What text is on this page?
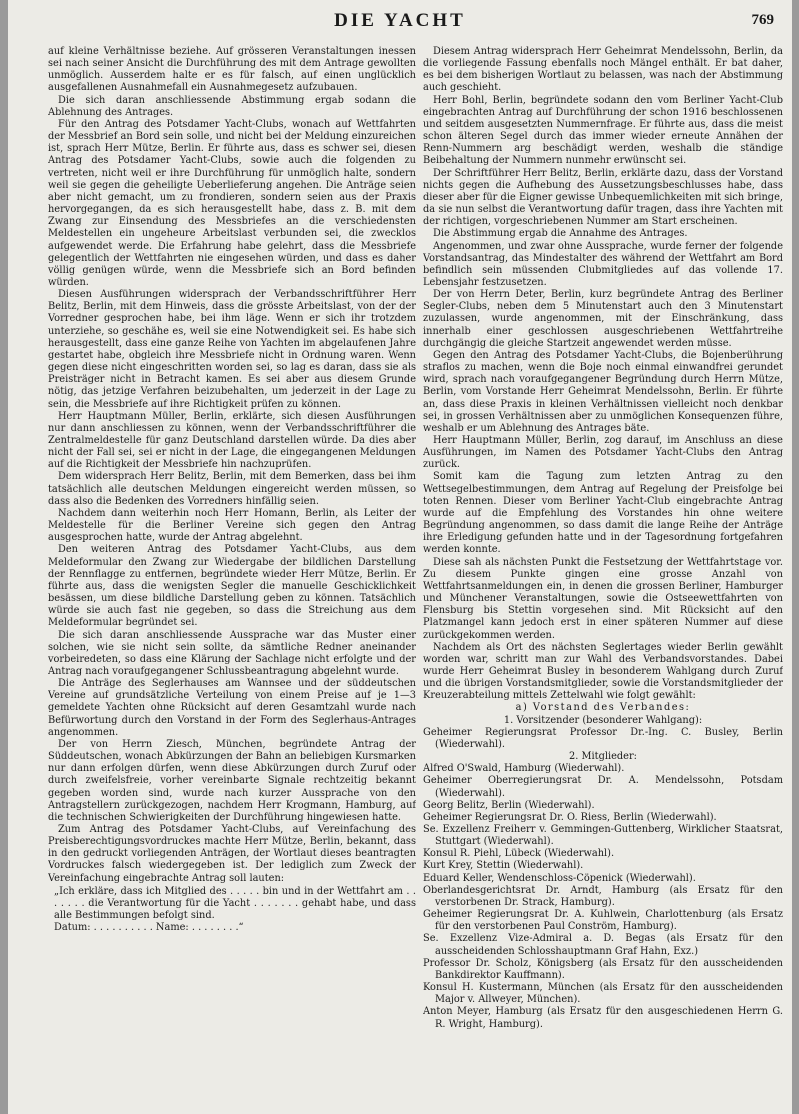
DIE YACHT	769

auf kleine Verhältnisse beziehe. Auf grösseren Veranstaltungen inessen sei nach seiner Ansicht die Durchführung des mit dem Antrage gewollten unmöglich. Ausserdem halte er es für falsch, auf einen unglücklich ausgefallenen Ausnahmefall ein Ausnahmegesetz aufzubauen.

Die sich daran anschliessende Abstimmung ergab sodann die Ablehnung des Antrages.

Für den Antrag des Potsdamer Yacht-Clubs, wonach auf Wettfahrten der Messbrief an Bord sein solle, und nicht bei der Meldung einzureichen ist, sprach Herr Mütze, Berlin. Er führte aus, dass es schwer sei, diesen Antrag des Potsdamer Yacht-Clubs, sowie auch die folgenden zu vertreten, nicht weil er ihre Durchführung für unmöglich halte, sondern weil sie gegen die geheiligte Ueberlieferung angehen. Die Anträge seien aber nicht gemacht, um zu frondieren, sondern seien aus der Praxis hervorgegangen, da es sich herausgestellt habe, dass z. B. mit dem Zwang zur Einsendung des Messbriefes an die verschiedensten Meldestellen ein ungeheure Arbeitslast verbunden sei, die zwecklos aufgewendet werde. Die Erfahrung habe gelehrt, dass die Messbriefe gelegentlich der Wettfahrten nie eingesehen würden, und dass es daher völlig genügen würde, wenn die Messbriefe sich an Bord befinden würden.

Diesen Ausführungen widersprach der Verbandsschriftführer Herr Belitz, Berlin, mit dem Hinweis, dass die grösste Arbeitslast, von der der Vorredner gesprochen habe, bei ihm läge. Wenn er sich ihr trotzdem unterziehe, so geschähe es, weil sie eine Notwendigkeit sei. Es habe sich herausgestellt, dass eine ganze Reihe von Yachten im abgelaufenen Jahre gestartet habe, obgleich ihre Messbriefe nicht in Ordnung waren. Wenn gegen diese nicht eingeschritten worden sei, so lag es daran, dass sie als Preisträger nicht in Betracht kamen. Es sei aber aus diesem Grunde nötig, das jetzige Verfahren beizubehalten, um jederzeit in der Lage zu sein, die Messbriefe auf ihre Richtigkeit prüfen zu können.

Herr Hauptmann Müller, Berlin, erklärte, sich diesen Ausführungen nur dann anschliessen zu können, wenn der Verbandsschriftführer die Zentralmeldestelle für ganz Deutschland darstellen würde. Da dies aber nicht der Fall sei, sei er nicht in der Lage, die eingegangenen Meldungen auf die Richtigkeit der Messbriefe hin nachzuprüfen.

Dem widersprach Herr Belitz, Berlin, mit dem Bemerken, dass bei ihm tatsächlich alle deutschen Meldungen eingereicht werden müssen, so dass also die Bedenken des Vorredners hinfällig seien.

Nachdem dann weiterhin noch Herr Homann, Berlin, als Leiter der Meldestelle für die Berliner Vereine sich gegen den Antrag ausgesprochen hatte, wurde der Antrag abgelehnt.

Den weiteren Antrag des Potsdamer Yacht-Clubs, aus dem Meldeformular den Zwang zur Wiedergabe der bildlichen Darstellung der Rennflagge zu entfernen, begründete wieder Herr Mütze, Berlin. Er führte aus, dass die wenigsten Segler die manuelle Geschicklichkeit besässen, um diese bildliche Darstellung geben zu können. Tatsächlich würde sie auch fast nie gegeben, so dass die Streichung aus dem Meldeformular begründet sei.

Die sich daran anschliessende Aussprache war das Muster einer solchen, wie sie nicht sein sollte, da sämtliche Redner aneinander vorbeiredeten, so dass eine Klärung der Sachlage nicht erfolgte und der Antrag nach voraufgegangener Schlussbeantragung abgelehnt wurde.

Die Anträge des Seglerhauses am Wannsee und der süddeutschen Vereine auf grundsätzliche Verteilung von einem Preise auf je 1—3 gemeldete Yachten ohne Rücksicht auf deren Gesamtzahl wurde nach Befürwortung durch den Vorstand in der Form des Seglerhaus-Antrages angenommen.

Der von Herrn Ziesch, München, begründete Antrag der Süddeutschen, wonach Abkürzungen der Bahn an beliebigen Kursmarken nur dann erfolgen dürfen, wenn diese Abkürzungen durch Zuruf oder durch zweifelsfreie, vorher vereinbarte Signale rechtzeitig bekannt gegeben worden sind, wurde nach kurzer Aussprache von den Antragstellern zurückgezogen, nachdem Herr Krogmann, Hamburg, auf die technischen Schwierigkeiten der Durchführung hingewiesen hatte.

Zum Antrag des Potsdamer Yacht-Clubs, auf Vereinfachung des Preisberechtigungsvordruckes machte Herr Mütze, Berlin, bekannt, dass in den gedruckt vorliegenden Anträgen, der Wortlaut dieses beantragten Vordruckes falsch wiedergegeben ist. Der lediglich zum Zweck der Vereinfachung eingebrachte Antrag soll lauten:

„Ich erkläre, dass ich Mitglied des . . . . . bin und in der Wettfahrt am . . . . . . . die Verantwortung für die Yacht . . . . . . . gehabt habe, und dass alle Bestimmungen befolgt sind.

Datum: . . . . . . . . . . Name: . . . . . . . .“

Diesem Antrag widersprach Herr Geheimrat Mendelssohn, Berlin, da die vorliegende Fassung ebenfalls noch Mängel enthält. Er bat daher, es bei dem bisherigen Wortlaut zu belassen, was nach der Abstimmung auch geschieht.

Herr Bohl, Berlin, begründete sodann den vom Berliner Yacht-Club eingebrachten Antrag auf Durchführung der schon 1916 beschlossenen und seitdem ausgesetzten Nummernfrage. Er führte aus, dass die meist schon älteren Segel durch das immer wieder erneute Annähen der Renn-Nummern arg beschädigt werden, weshalb die ständige Beibehaltung der Nummern nunmehr erwünscht sei.

Der Schriftführer Herr Belitz, Berlin, erklärte dazu, dass der Vorstand nichts gegen die Aufhebung des Aussetzungsbeschlusses habe, dass dieser aber für die Eigner gewisse Unbequemlichkeiten mit sich bringe, da sie nun selbst die Verantwortung dafür tragen, dass ihre Yachten mit der richtigen, vorgeschriebenen Nummer am Start erscheinen.

Die Abstimmung ergab die Annahme des Antrages.

Angenommen, und zwar ohne Aussprache, wurde ferner der folgende Vorstandsantrag, das Mindestalter des während der Wettfahrt am Bord befindlich sein müssenden Clubmitgliedes auf das vollende 17. Lebensjahr festzusetzen.

Der von Herrn Deter, Berlin, kurz begründete Antrag des Berliner Segler-Clubs, neben dem 5 Minutenstart auch den 3 Minutenstart zuzulassen, wurde angenommen, mit der Einschränkung, dass innerhalb einer geschlossen ausgeschriebenen Wettfahrtreihe durchgängig die gleiche Startzeit angewendet werden müsse.

Gegen den Antrag des Potsdamer Yacht-Clubs, die Bojenberührung straflos zu machen, wenn die Boje noch einmal einwandfrei gerundet wird, sprach nach voraufgegangener Begründung durch Herrn Mütze, Berlin, vom Vorstande Herr Geheimrat Mendelssohn, Berlin. Er führte an, dass diese Praxis in kleinen Verhältnissen vielleicht noch denkbar sei, in grossen Verhältnissen aber zu unmöglichen Konsequenzen führe, weshalb er um Ablehnung des Antrages bäte.

Herr Hauptmann Müller, Berlin, zog darauf, im Anschluss an diese Ausführungen, im Namen des Potsdamer Yacht-Clubs den Antrag zurück.

Somit kam die Tagung zum letzten Antrag zu den Wettsegelbestimmungen, dem Antrag auf Regelung der Preisfolge bei toten Rennen. Dieser vom Berliner Yacht-Club eingebrachte Antrag wurde auf die Empfehlung des Vorstandes hin ohne weitere Begründung angenommen, so dass damit die lange Reihe der Anträge ihre Erledigung gefunden hatte und in der Tagesordnung fortgefahren werden konnte.

Diese sah als nächsten Punkt die Festsetzung der Wettfahrtstage vor. Zu diesem Punkte gingen eine grosse Anzahl von Wettfahrtsanmeldungen ein, in denen die grossen Berliner, Hamburger und Münchener Veranstaltungen, sowie die Ostseewettfahrten von Flensburg bis Stettin vorgesehen sind. Mit Rücksicht auf den Platzmangel kann jedoch erst in einer späteren Nummer auf diese zurückgekommen werden.

Nachdem als Ort des nächsten Seglertages wieder Berlin gewählt worden war, schritt man zur Wahl des Verbandsvorstandes. Dabei wurde Herr Geheimrat Busley in besonderem Wahlgang durch Zuruf und die übrigen Vorstandsmitglieder, sowie die Vorstandsmitglieder der Kreuzerabteilung mittels Zettelwahl wie folgt gewählt:

a) Vorstand des Verbandes:

1. Vorsitzender (besonderer Wahlgang):

Geheimer Regierungsrat Professor Dr.-Ing. C. Busley, Berlin (Wiederwahl).

2. Mitglieder:

Alfred O'Swald, Hamburg (Wiederwahl).

Geheimer Oberregierungsrat Dr. A. Mendelssohn, Potsdam (Wiederwahl).

Georg Belitz, Berlin (Wiederwahl).

Geheimer Regierungsrat Dr. O. Riess, Berlin (Wiederwahl).

Se. Exzellenz Freiherr v. Gemmingen-Guttenberg, Wirklicher Staatsrat, Stuttgart (Wiederwahl).

Konsul R. Piehl, Lübeck (Wiederwahl).

Kurt Krey, Stettin (Wiederwahl).

Eduard Keller, Wendenschloss-Cöpenick (Wiederwahl).

Oberlandesgerichtsrat Dr. Arndt, Hamburg (als Ersatz für den verstorbenen Dr. Strack, Hamburg).

Geheimer Regierungsrat Dr. A. Kuhlwein, Charlottenburg (als Ersatz für den verstorbenen Paul Conström, Hamburg).

Se. Exzellenz Vize-Admiral a. D. Begas (als Ersatz für den ausscheidenden Schlosshauptmann Graf Hahn, Exz.)

Professor Dr. Scholz, Königsberg (als Ersatz für den ausscheidenden Bankdirektor Kauffmann).

Konsul H. Kustermann, München (als Ersatz für den ausscheidenden Major v. Allweyer, München).

Anton Meyer, Hamburg (als Ersatz für den ausgeschiedenen Herrn G. R. Wright, Hamburg).
